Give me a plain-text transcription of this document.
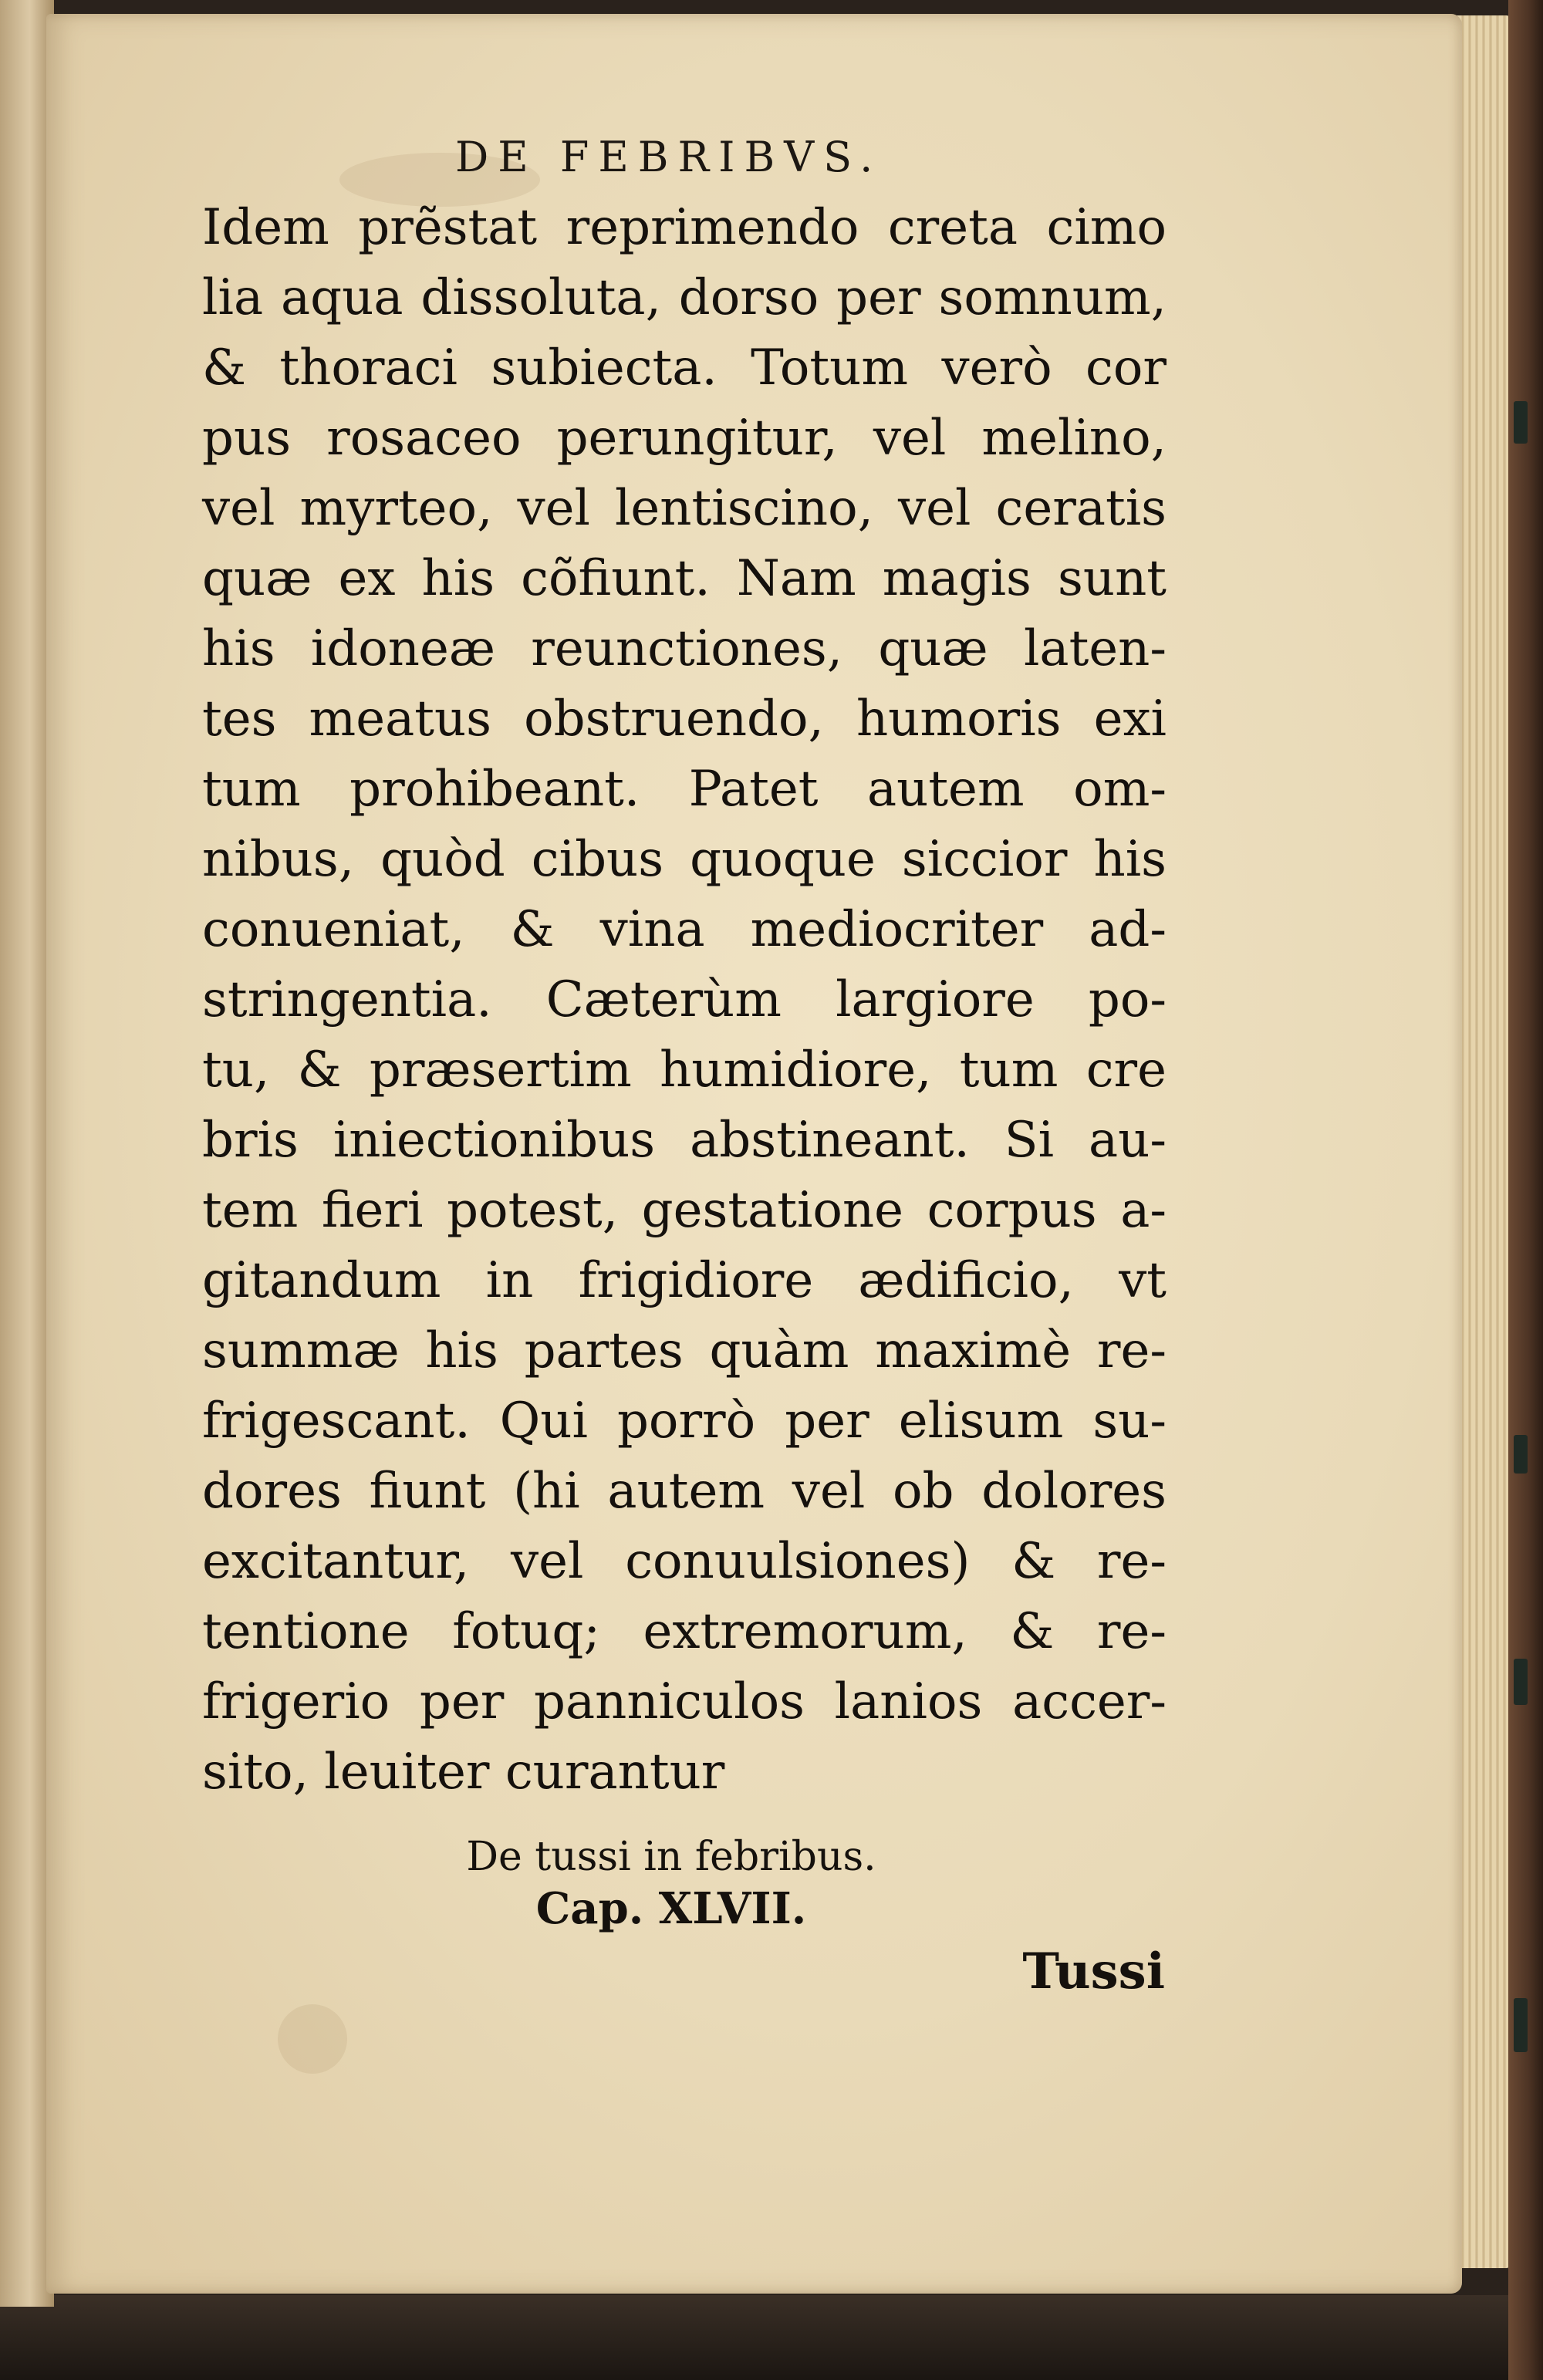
DE FEBRIBVS.
Idem prẽstat reprimendo creta cimo
lia aqua dissoluta, dorso per somnum,
& thoraci subiecta. Totum verò cor
pus rosaceo perungitur, vel melino,
vel myrteo, vel lentiscino, vel ceratis
quæ ex his cõfiunt. Nam magis sunt
his idoneæ reunctiones, quæ laten-
tes meatus obstruendo, humoris exi
tum prohibeant. Patet autem om-
nibus, quòd cibus quoque siccior his
conueniat, & vina mediocriter ad-
stringentia. Cæterùm largiore po-
tu, & præsertim humidiore, tum cre
bris iniectionibus abstineant. Si au-
tem fieri potest, gestatione corpus a-
gitandum in frigidiore ædificio, vt
summæ his partes quàm maximè re-
frigescant. Qui porrò per elisum su-
dores fiunt (hi autem vel ob dolores
excitantur, vel conuulsiones) & re-
tentione fotuq; extremorum, & re-
frigerio per panniculos lanios accer-
sito, leuiter curantur
De tussi in febribus.
Cap. XLVII.
Tussi
